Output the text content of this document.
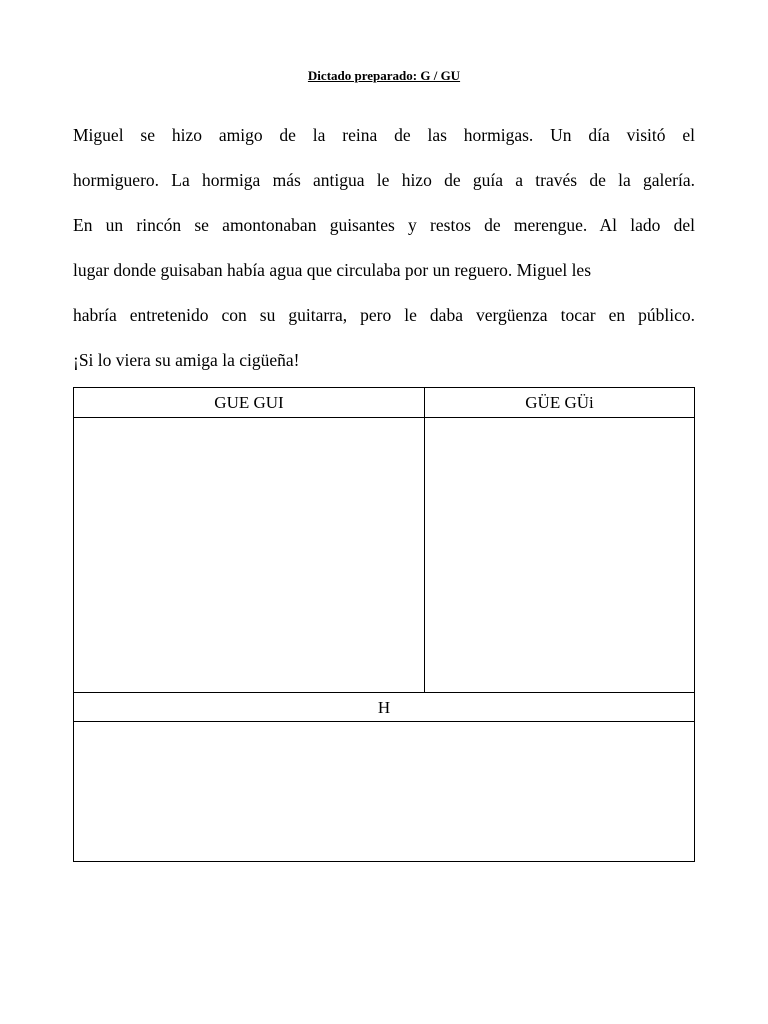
Dictado preparado: G / GU
Miguel se hizo amigo de la reina de las hormigas. Un día visitó el
hormiguero. La hormiga más antigua le hizo de guía a través de la galería.
En un rincón se amontonaban guisantes y restos de merengue. Al lado del
lugar donde guisaban había agua que circulaba por un reguero. Miguel les
habría entretenido con su guitarra, pero le daba vergüenza tocar en público.
¡Si lo viera su amiga la cigüeña!
GUE GUI	GÜE GÜi
H
